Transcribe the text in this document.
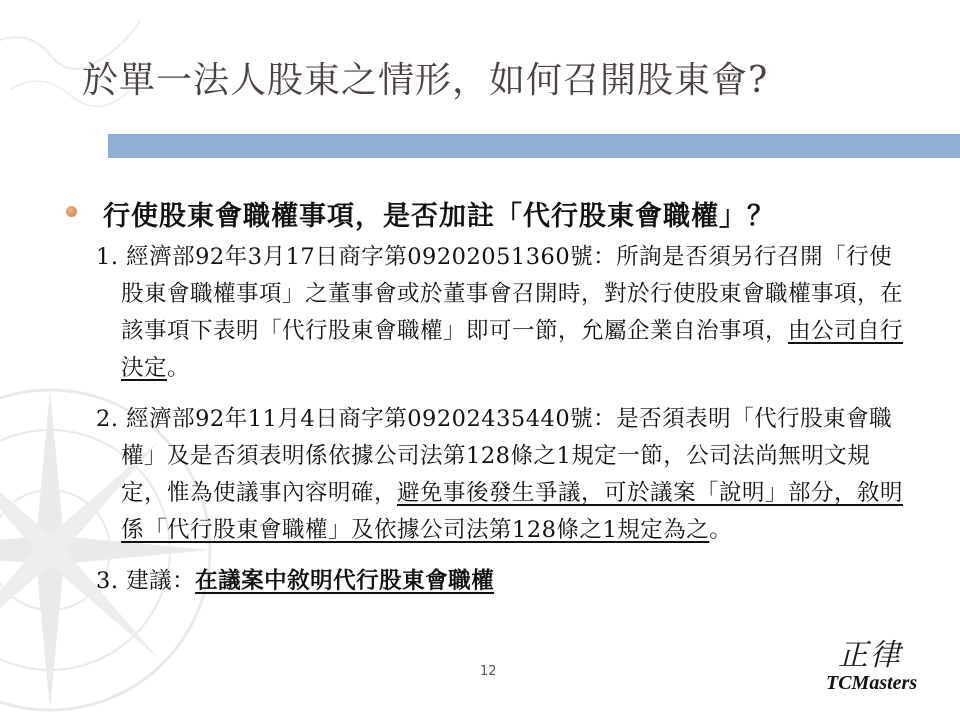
於單一法人股東之情形，如何召開股東會?
行使股東會職權事項，是否加註「代行股東會職權」？
1. 經濟部92年3月17日商字第09202051360號：所詢是否須另行召開「行使股東會職權事項」之董事會或於董事會召開時，對於行使股東會職權事項，在該事項下表明「代行股東會職權」即可一節，允屬企業自治事項，由公司自行決定。
2. 經濟部92年11月4日商字第09202435440號：是否須表明「代行股東會職權」及是否須表明係依據公司法第128條之1規定一節，公司法尚無明文規定，惟為使議事內容明確，避免事後發生爭議，可於議案「說明」部分，敘明係「代行股東會職權」及依據公司法第128條之1規定為之。
3. 建議：在議案中敘明代行股東會職權
12	正律
TCMasters
